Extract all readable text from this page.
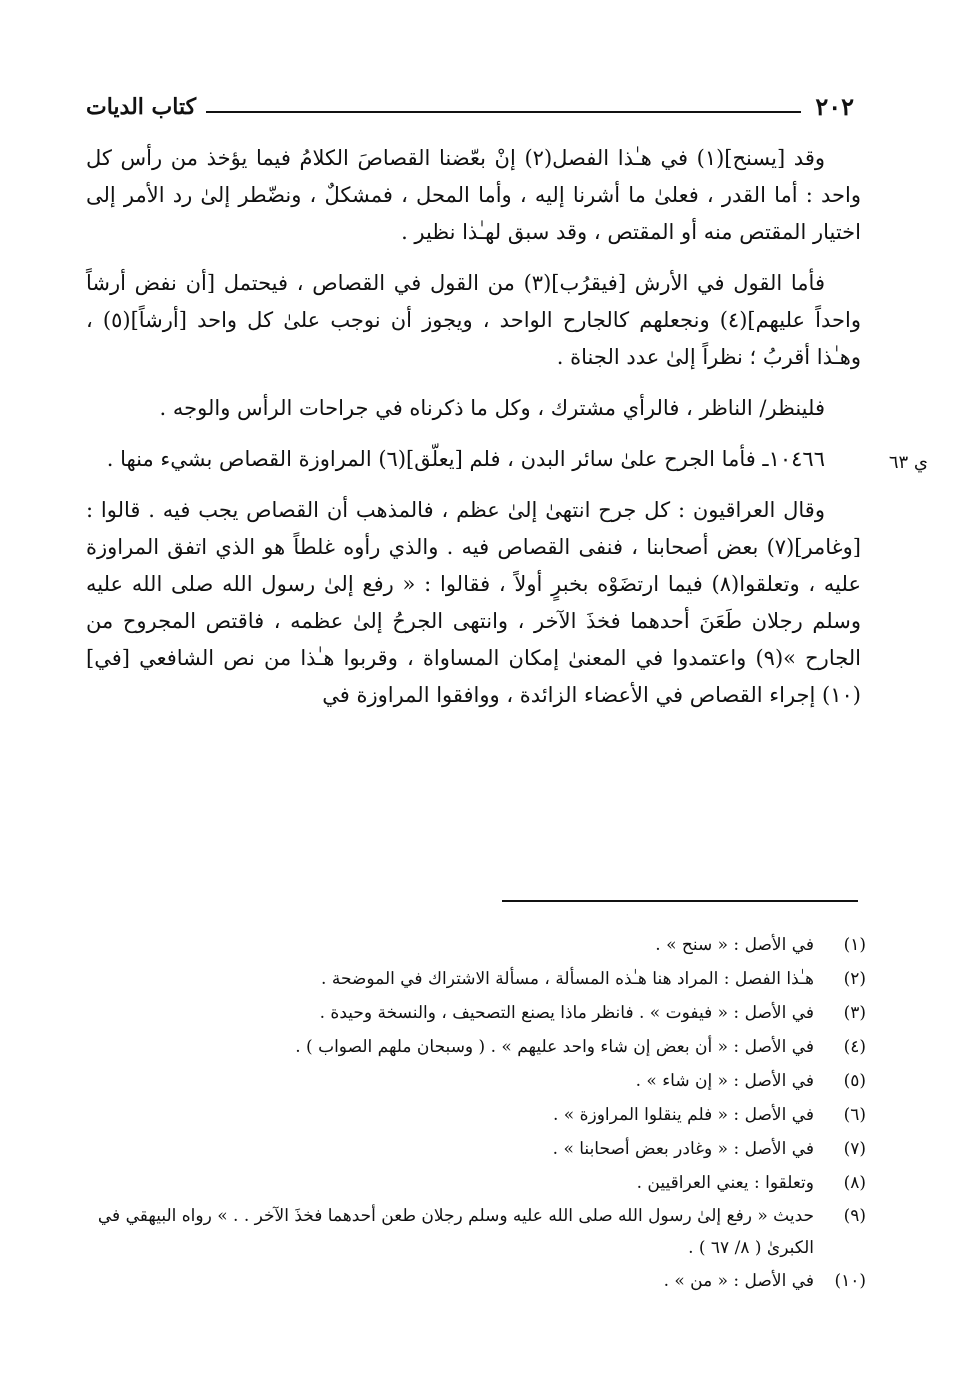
٢٠٢
كتاب الديات
ي ٦٣

وقد [يسنح](١) في هـٰذا الفصل(٢) إنْ بعّضنا القصاصَ الكلامُ فيما يؤخذ من رأس كل واحد : أما القدر ، فعلىٰ ما أشرنا إليه ، وأما المحل ، فمشكلٌ ، ونضّطر إلىٰ رد الأمر إلى اختيار المقتص منه أو المقتص ، وقد سبق لهـٰذا نظير .

فأما القول في الأرش [فيقرُب](٣) من القول في القصاص ، فيحتمل [أن نفض أرشاً واحداً عليهم](٤) ونجعلهم كالجارح الواحد ، ويجوز أن نوجب علىٰ كل واحد [أرشاً](٥) ، وهـٰذا أقربُ ؛ نظراً إلىٰ عدد الجناة .

فلينظر/ الناظر ، فالرأي مشترك ، وكل ما ذكرناه في جراحات الرأس والوجه .

١٠٤٦٦ـ فأما الجرح علىٰ سائر البدن ، فلم [يعلّق](٦) المراوزة القصاص بشيء منها .

وقال العراقيون : كل جرح انتهىٰ إلىٰ عظم ، فالمذهب أن القصاص يجب فيه . قالوا : [وغامر](٧) بعض أصحابنا ، فنفى القصاص فيه . والذي رأوه غلطاً هو الذي اتفق المراوزة عليه ، وتعلقوا(٨) فيما ارتضَوْه بخبرٍ أولاً ، فقالوا : « رفع إلىٰ رسول الله صلى الله عليه وسلم رجلان طَعَنَ أحدهما فخذَ الآخر ، وانتهى الجرحُ إلىٰ عظمه ، فاقتص المجروح من الجارح »(٩) واعتمدوا في المعنىٰ إمكان المساواة ، وقربوا هـٰذا من نص الشافعي [في](١٠) إجراء القصاص في الأعضاء الزائدة ، ووافقوا المراوزة في

(١)
في الأصل : « سنح » .
(٢)
هـٰذا الفصل : المراد هنا هـٰذه المسألة ، مسألة الاشتراك في الموضحة .
(٣)
في الأصل : « فيفوت » . فانظر ماذا يصنع التصحيف ، والنسخة وحيدة .
(٤)
في الأصل : « أن بعض إن شاء واحد عليهم » . ( وسبحان ملهم الصواب ) .
(٥)
في الأصل : « إن شاء » .
(٦)
في الأصل : « فلم ينقلوا المراوزة » .
(٧)
في الأصل : « وغادر بعض أصحابنا » .
(٨)
وتعلقوا : يعني العراقيين .
(٩)
حديث « رفع إلىٰ رسول الله صلى الله عليه وسلم رجلان طعن أحدهما فخذَ الآخر . . » رواه البيهقي في الكبرىٰ ( ٨/ ٦٧ ) .
(١٠)
في الأصل : « من » .
